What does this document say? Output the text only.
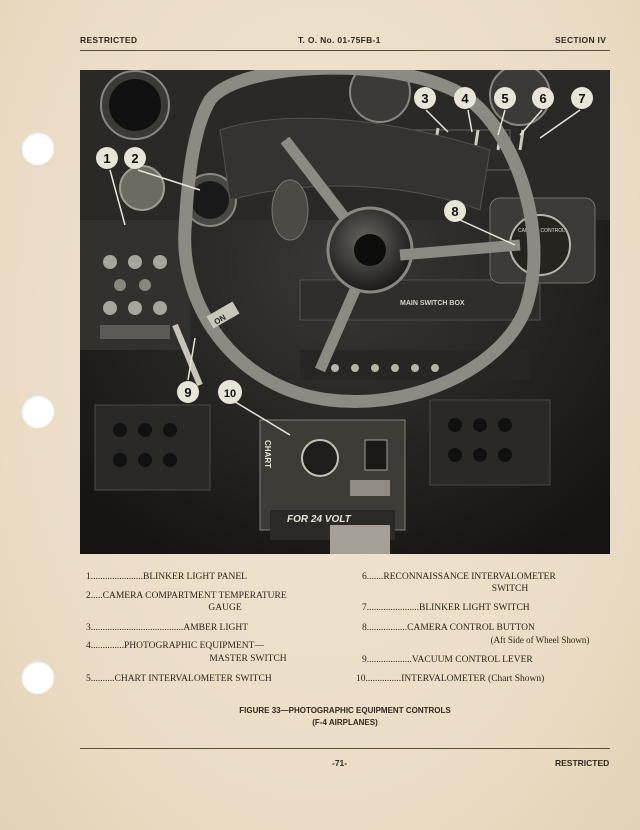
RESTRICTED	T. O. No. 01-75FB-1	SECTION IV
MAIN SWITCH BOX
CAMERA CONTROL
FOR 24 VOLT
CHART
ON
1 2
3	4	5 6 7
8
9	10
1......................BLINKER LIGHT PANEL
2.....CAMERA COMPARTMENT TEMPERATURE
GAUGE
3.......................................AMBER LIGHT
4..............PHOTOGRAPHIC EQUIPMENT—
MASTER SWITCH
5..........CHART INTERVALOMETER SWITCH
6.......RECONNAISSANCE INTERVALOMETER
SWITCH
7......................BLINKER LIGHT SWITCH
8.................CAMERA CONTROL BUTTON
(Aft Side of Wheel Shown)
9...................VACUUM CONTROL LEVER
10...............INTERVALOMETER (Chart Shown)
FIGURE 33—PHOTOGRAPHIC EQUIPMENT CONTROLS
(F-4 AIRPLANES)
-71-	RESTRICTED
